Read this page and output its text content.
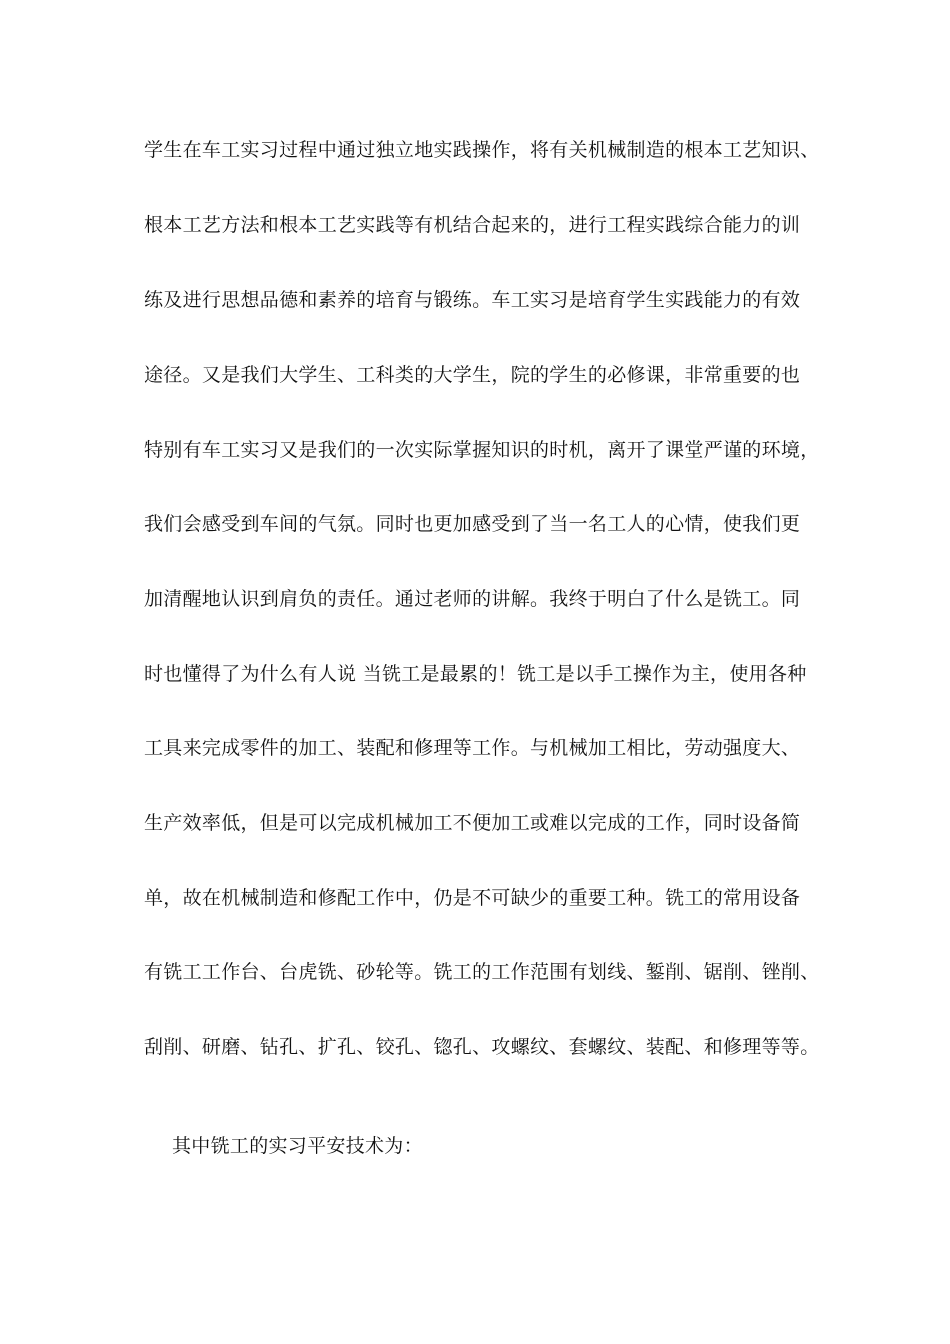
学生在车工实习过程中通过独立地实践操作，将有关机械制造的根本工艺知识、
根本工艺方法和根本工艺实践等有机结合起来的，进行工程实践综合能力的训
练及进行思想品德和素养的培育与锻练。车工实习是培育学生实践能力的有效
途径。又是我们大学生、工科类的大学生，院的学生的必修课，非常重要的也
特别有车工实习又是我们的一次实际掌握知识的时机，离开了课堂严谨的环境，
我们会感受到车间的气氛。同时也更加感受到了当一名工人的心情，使我们更
加清醒地认识到肩负的责任。通过老师的讲解。我终于明白了什么是铣工。同
时也懂得了为什么有人说 当铣工是最累的！铣工是以手工操作为主，使用各种
工具来完成零件的加工、装配和修理等工作。与机械加工相比，劳动强度大、
生产效率低，但是可以完成机械加工不便加工或难以完成的工作，同时设备简
单，故在机械制造和修配工作中，仍是不可缺少的重要工种。铣工的常用设备
有铣工工作台、台虎铣、砂轮等。铣工的工作范围有划线、錾削、锯削、锉削、
刮削、研磨、钻孔、扩孔、铰孔、锪孔、攻螺纹、套螺纹、装配、和修理等等。
其中铣工的实习平安技术为：
